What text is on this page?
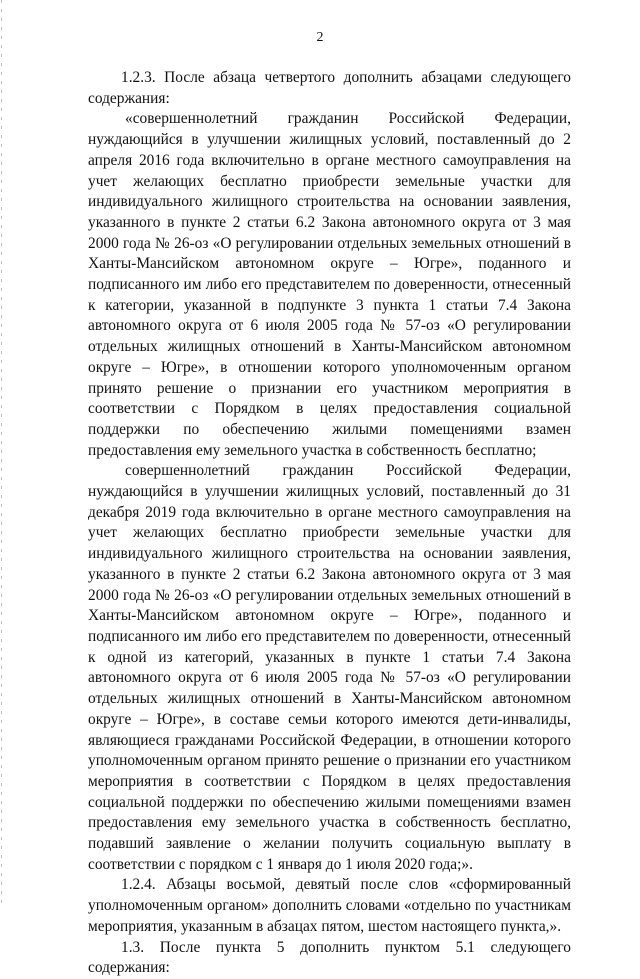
2

1.2.3. После абзаца четвертого дополнить абзацами следующего содержания:

«совершеннолетний гражданин Российской Федерации, нуждающийся в улучшении жилищных условий, поставленный до 2 апреля 2016 года включительно в органе местного самоуправления на учет желающих бесплатно приобрести земельные участки для индивидуального жилищного строительства на основании заявления, указанного в пункте 2 статьи 6.2 Закона автономного округа от 3 мая 2000 года № 26-оз «О регулировании отдельных земельных отношений в Ханты-Мансийском автономном округе – Югре», поданного и подписанного им либо его представителем по доверенности, отнесенный к категории, указанной в подпункте 3 пункта 1 статьи 7.4 Закона автономного округа от 6 июля 2005 года № 57-оз «О регулировании отдельных жилищных отношений в Ханты-Мансийском автономном округе – Югре», в отношении которого уполномоченным органом принято решение о признании его участником мероприятия в соответствии с Порядком в целях предоставления социальной поддержки по обеспечению жилыми помещениями взамен предоставления ему земельного участка в собственность бесплатно;

совершеннолетний гражданин Российской Федерации, нуждающийся в улучшении жилищных условий, поставленный до 31 декабря 2019 года включительно в органе местного самоуправления на учет желающих бесплатно приобрести земельные участки для индивидуального жилищного строительства на основании заявления, указанного в пункте 2 статьи 6.2 Закона автономного округа от 3 мая 2000 года № 26-оз «О регулировании отдельных земельных отношений в Ханты-Мансийском автономном округе – Югре», поданного и подписанного им либо его представителем по доверенности, отнесенный к одной из категорий, указанных в пункте 1 статьи 7.4 Закона автономного округа от 6 июля 2005 года № 57-оз «О регулировании отдельных жилищных отношений в Ханты-Мансийском автономном округе – Югре», в составе семьи которого имеются дети-инвалиды, являющиеся гражданами Российской Федерации, в отношении которого уполномоченным органом принято решение о признании его участником мероприятия в соответствии с Порядком в целях предоставления социальной поддержки по обеспечению жилыми помещениями взамен предоставления ему земельного участка в собственность бесплатно, подавший заявление о желании получить социальную выплату в соответствии с порядком с 1 января до 1 июля 2020 года;».

1.2.4. Абзацы восьмой, девятый после слов «сформированный уполномоченным органом» дополнить словами «отдельно по участникам мероприятия, указанным в абзацах пятом, шестом настоящего пункта,».

1.3. После пункта 5 дополнить пунктом 5.1 следующего содержания:
